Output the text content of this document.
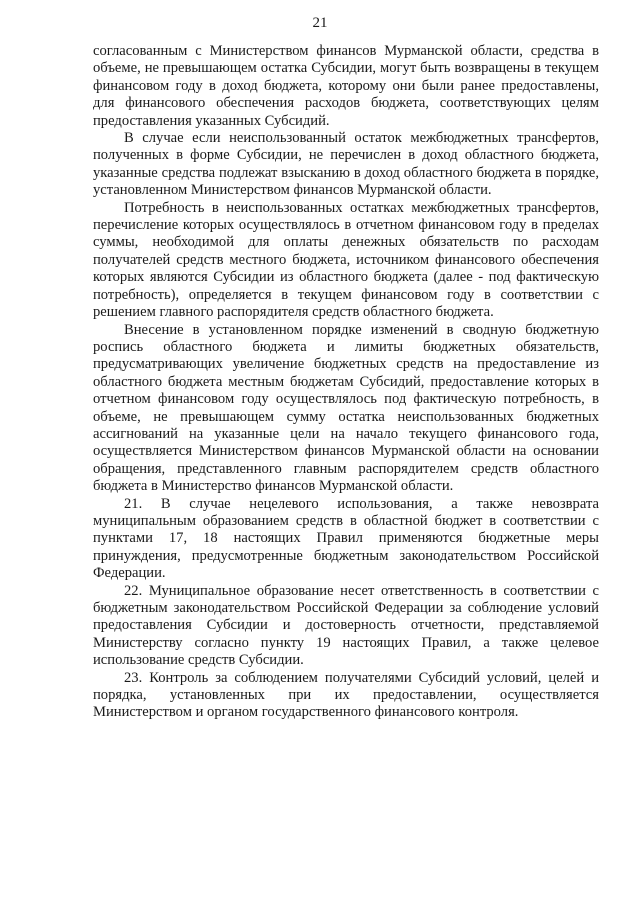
21

согласованным с Министерством финансов Мурманской области, средства в объеме, не превышающем остатка Субсидии, могут быть возвращены в текущем финансовом году в доход бюджета, которому они были ранее предоставлены, для финансового обеспечения расходов бюджета, соответствующих целям предоставления указанных Субсидий.

В случае если неиспользованный остаток межбюджетных трансфертов, полученных в форме Субсидии, не перечислен в доход областного бюджета, указанные средства подлежат взысканию в доход областного бюджета в порядке, установленном Министерством финансов Мурманской области.

Потребность в неиспользованных остатках межбюджетных трансфертов, перечисление которых осуществлялось в отчетном финансовом году в пределах суммы, необходимой для оплаты денежных обязательств по расходам получателей средств местного бюджета, источником финансового обеспечения которых являются Субсидии из областного бюджета (далее - под фактическую потребность), определяется в текущем финансовом году в соответствии с решением главного распорядителя средств областного бюджета.

Внесение в установленном порядке изменений в сводную бюджетную роспись областного бюджета и лимиты бюджетных обязательств, предусматривающих увеличение бюджетных средств на предоставление из областного бюджета местным бюджетам Субсидий, предоставление которых в отчетном финансовом году осуществлялось под фактическую потребность, в объеме, не превышающем сумму остатка неиспользованных бюджетных ассигнований на указанные цели на начало текущего финансового года, осуществляется Министерством финансов Мурманской области на основании обращения, представленного главным распорядителем средств областного бюджета в Министерство финансов Мурманской области.

21. В случае нецелевого использования, а также невозврата муниципальным образованием средств в областной бюджет в соответствии с пунктами 17, 18 настоящих Правил применяются бюджетные меры принуждения, предусмотренные бюджетным законодательством Российской Федерации.

22. Муниципальное образование несет ответственность в соответствии с бюджетным законодательством Российской Федерации за соблюдение условий предоставления Субсидии и достоверность отчетности, представляемой Министерству согласно пункту 19 настоящих Правил, а также целевое использование средств Субсидии.

23. Контроль за соблюдением получателями Субсидий условий, целей и порядка, установленных при их предоставлении, осуществляется Министерством и органом государственного финансового контроля.
